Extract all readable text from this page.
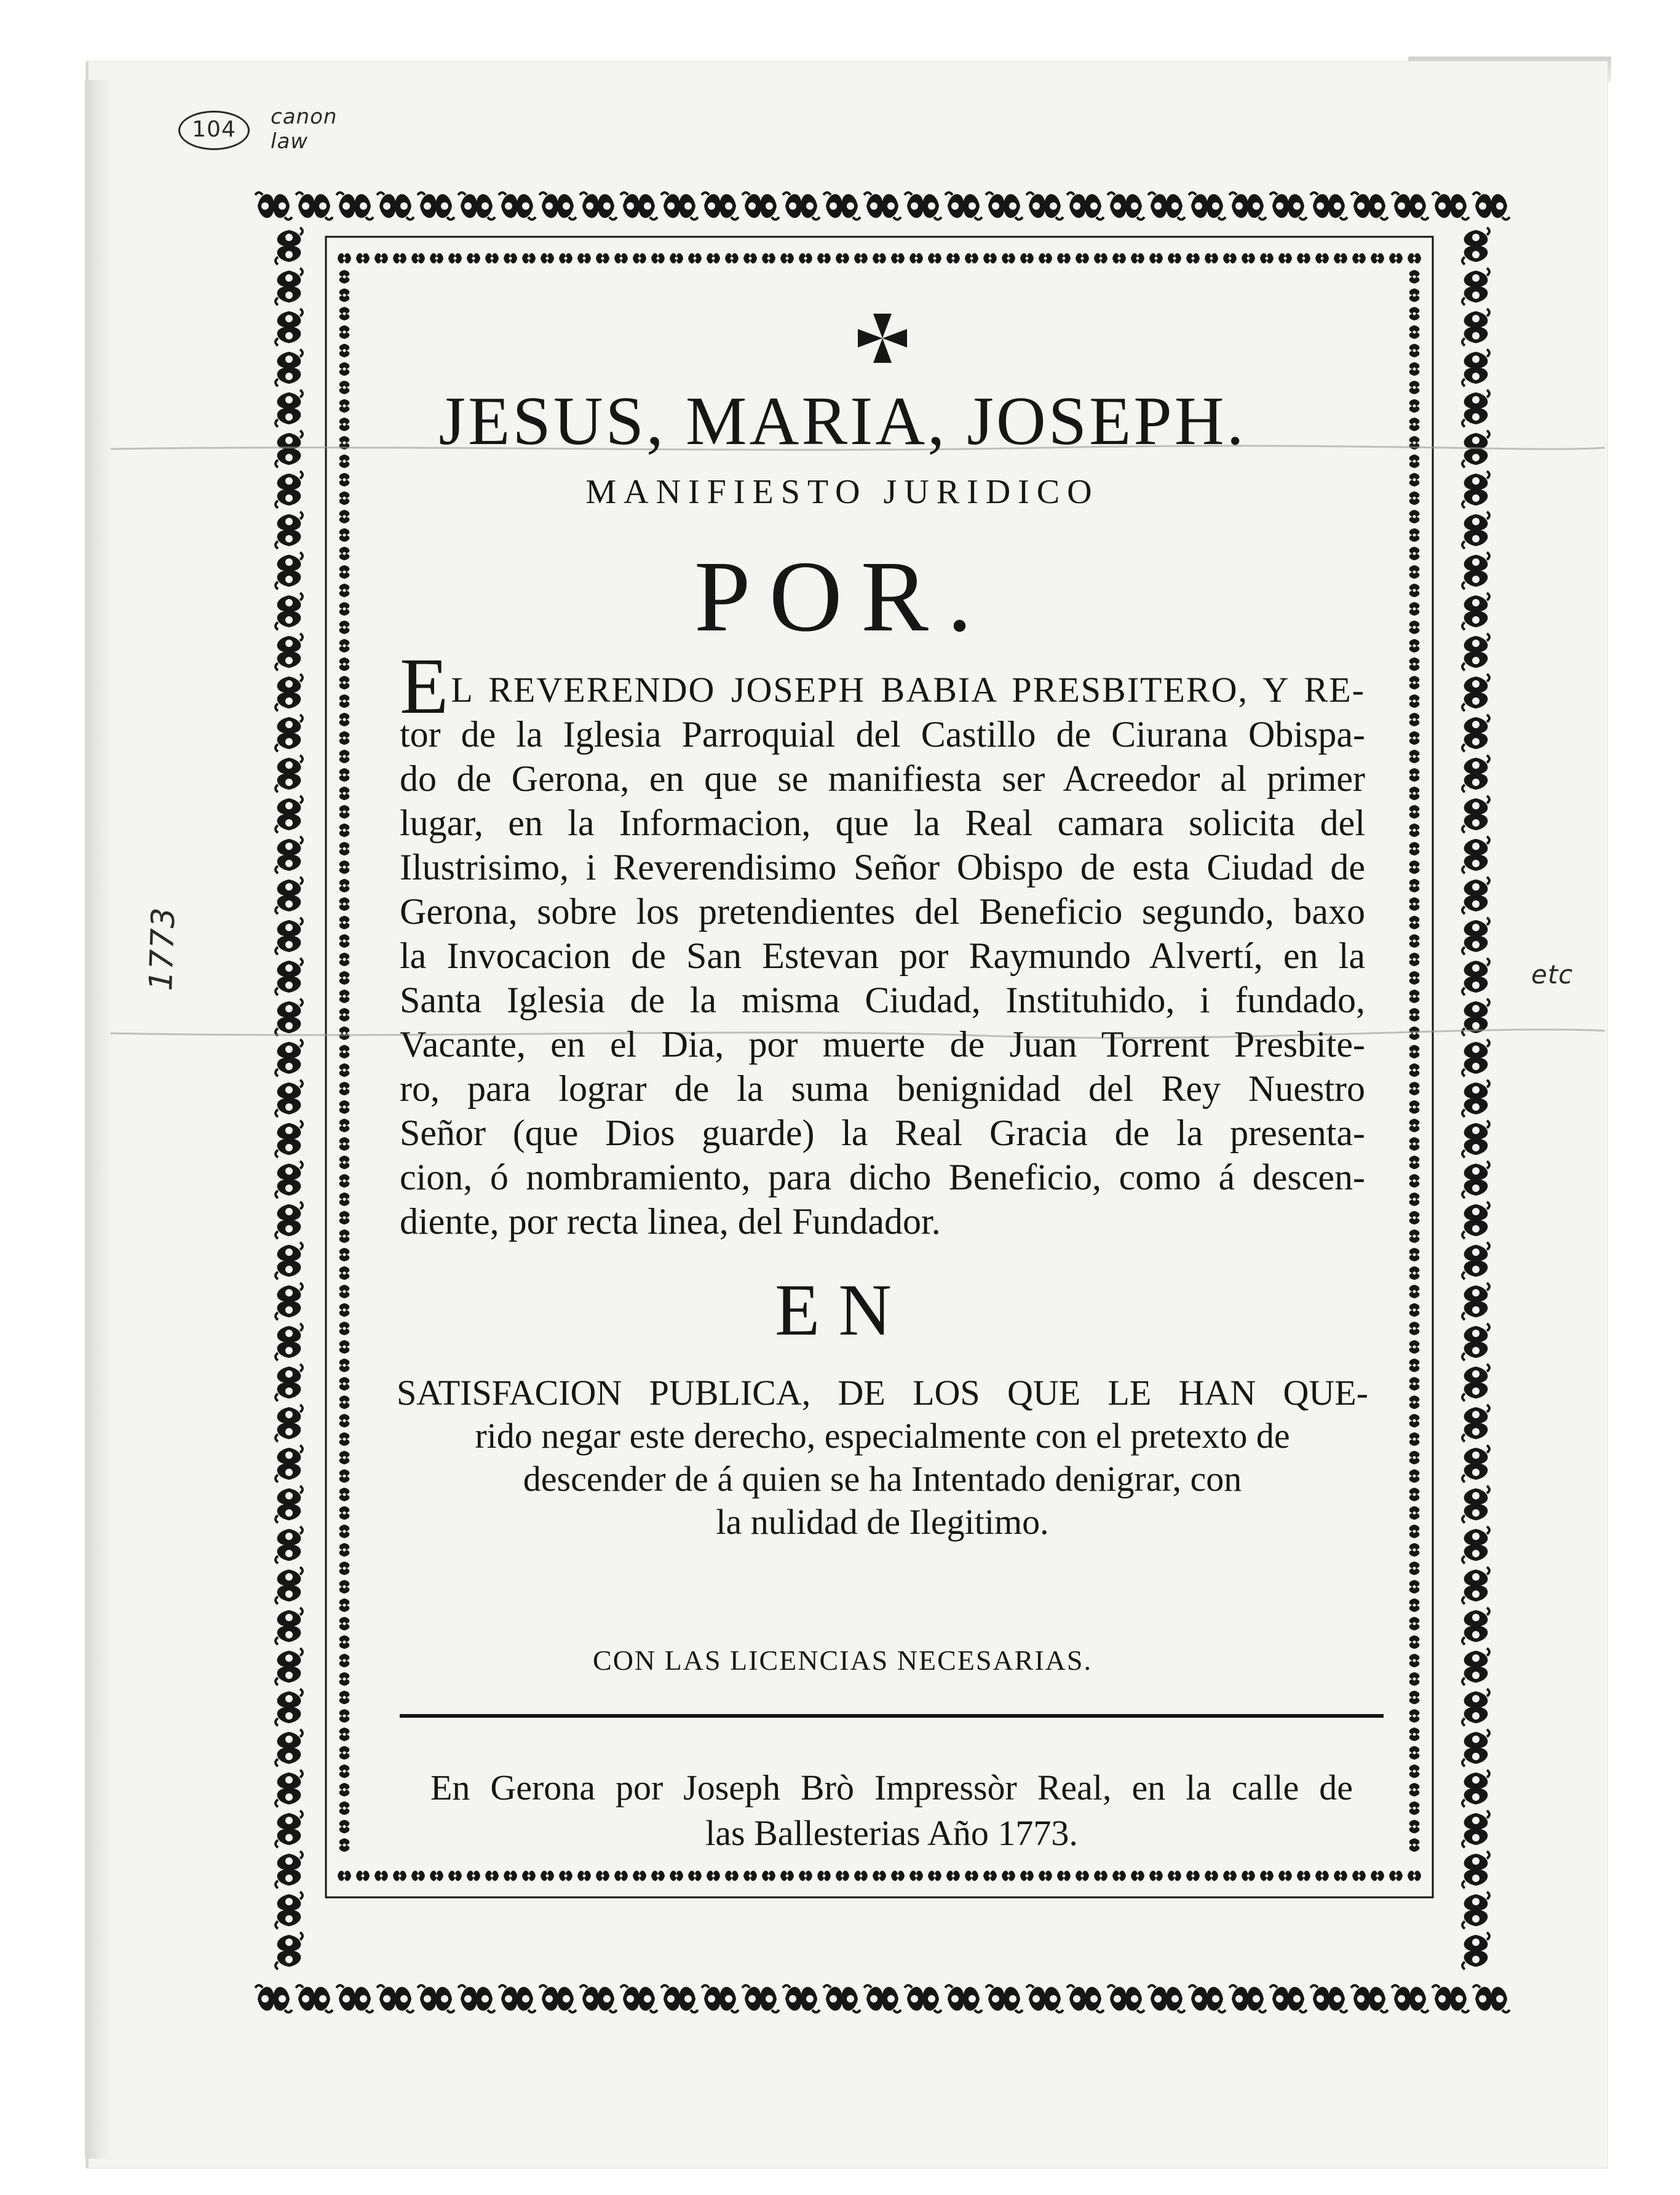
104	canon law
1773	etc
JESUS, MARIA, JOSEPH.
MANIFIESTO JURIDICO
POR.
EL REVERENDO JOSEPH BABIA PRESBITERO, Y RE-
tor de la Iglesia Parroquial del Castillo de Ciurana Obispa-
do de Gerona, en que se manifiesta ser Acreedor al primer
lugar, en la Informacion, que la Real camara solicita del
Ilustrisimo, i Reverendisimo Señor Obispo de esta Ciudad de
Gerona, sobre los pretendientes del Beneficio segundo, baxo
la Invocacion de San Estevan por Raymundo Alvertí, en la
Santa Iglesia de la misma Ciudad, Instituhido, i fundado,
Vacante, en el Dia, por muerte de Juan Torrent Presbite-
ro, para lograr de la suma benignidad del Rey Nuestro
Señor (que Dios guarde) la Real Gracia de la presenta-
cion, ó nombramiento, para dicho Beneficio, como á descen-
diente, por recta linea, del Fundador.
EN
SATISFACION PUBLICA, DE LOS QUE LE HAN QUE-
rido negar este derecho, especialmente con el pretexto de
descender de á quien se ha Intentado denigrar, con
la nulidad de Ilegitimo.
CON LAS LICENCIAS NECESARIAS.
En Gerona por Joseph Brò Impressòr Real, en la calle de
las Ballesterias Año 1773.
